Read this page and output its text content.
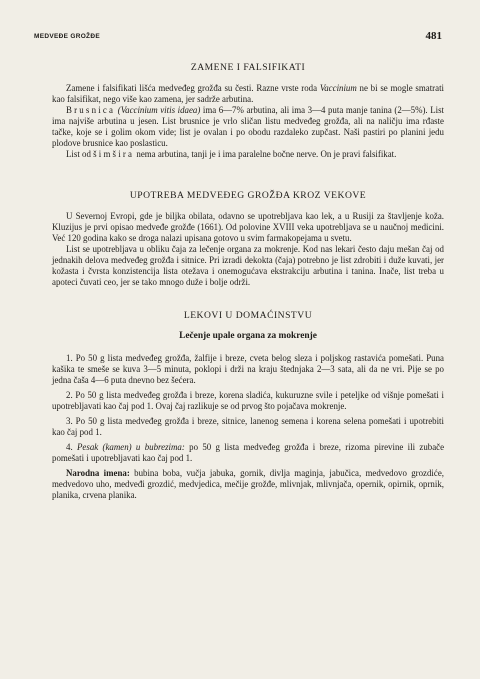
MEDVEĐE GROŽĐE	481
ZAMENE I FALSIFIKATI

Zamene i falsifikati lišća medveđeg grožđa su česti. Razne vrste roda Vaccinium ne bi se mogle smatrati kao falsifikat, nego više kao zamena, jer sadrže arbutina.

Brusnica (Vaccinium vitis idaea) ima 6—7% arbutina, ali ima 3—4 puta manje tanina (2—5%). List ima najviše arbutina u jesen. List brusnice je vrlo sličan listu medveđeg grožđa, ali na naličju ima rđaste tačke, koje se i golim okom vide; list je ovalan i po obodu razdalеko zupčast. Naši pastiri po planini jedu plodove brusnice kao poslasticu.

List od šimšira nema arbutina, tanji je i ima paralelne bočne nerve. On je pravi falsifikat.

UPOTREBA MEDVEĐEG GROŽĐA KROZ VEKOVE

U Severnoj Evropi, gde je biljka obilata, odavno se upotrebljava kao lek, a u Rusiji za štavljenje koža. Kluzijus je prvi opisao medveđe grožđe (1661). Od polovine XVIII veka upotrebljava se u naučnoj medicini. Već 120 godina kako se droga nalazi upisana gotovo u svim farmakopejama u svetu.

List se upotrebljava u obliku čaja za lečenje organa za mokrenje. Kod nas lekari često daju mešan čaj od jednakih delova medveđeg grožđa i sitnice. Pri izradi dekokta (čaja) potrebno je list zdrobiti i duže kuvati, jer kožasta i čvrsta konzistencija lista otežava i onemogućava ekstrakciju arbutina i tanina. Inače, list treba u apoteci čuvati ceo, jer se tako mnogo duže i bolje održi.

LEKOVI U DOMAĆINSTVU
Lečenje upale organa za mokrenje

1. Po 50 g lista medveđeg grožđa, žalfije i breze, cveta belog sleza i poljskog rastavića pomešati. Puna kašika te smeše se kuva 3—5 minuta, poklopi i drži na kraju štednjaka 2—3 sata, ali da ne vri. Pije se po jedna čaša 4—6 puta dnevno bez šećera.

2. Po 50 g lista medveđeg grožđa i breze, korena sladića, kukuruzne svile i peteljke od višnje pomešati i upotrebljavati kao čaj pod 1. Ovaj čaj razlikuje se od prvog što pojačava mokrenje.

3. Po 50 g lista medveđeg grožđa i breze, sitnice, lanenog semena i korena selena pomešati i upotrebiti kao čaj pod 1.

4. Pesak (kamen) u bubrezima: po 50 g lista medveđeg grožđa i breze, rizoma pirevine ili zubače pomešati i upotrebljavati kao čaj pod 1.

Narodna imena: bubina boba, vučja jabuka, gornik, divlja maginja, jabučica, medvedovo grozdiće, medvedovo uho, medveđi grozdić, medvjedica, mečije grožđe, mlivnjak, mlivnjača, opernik, opirnik, oprnik, planika, crvena planika.
